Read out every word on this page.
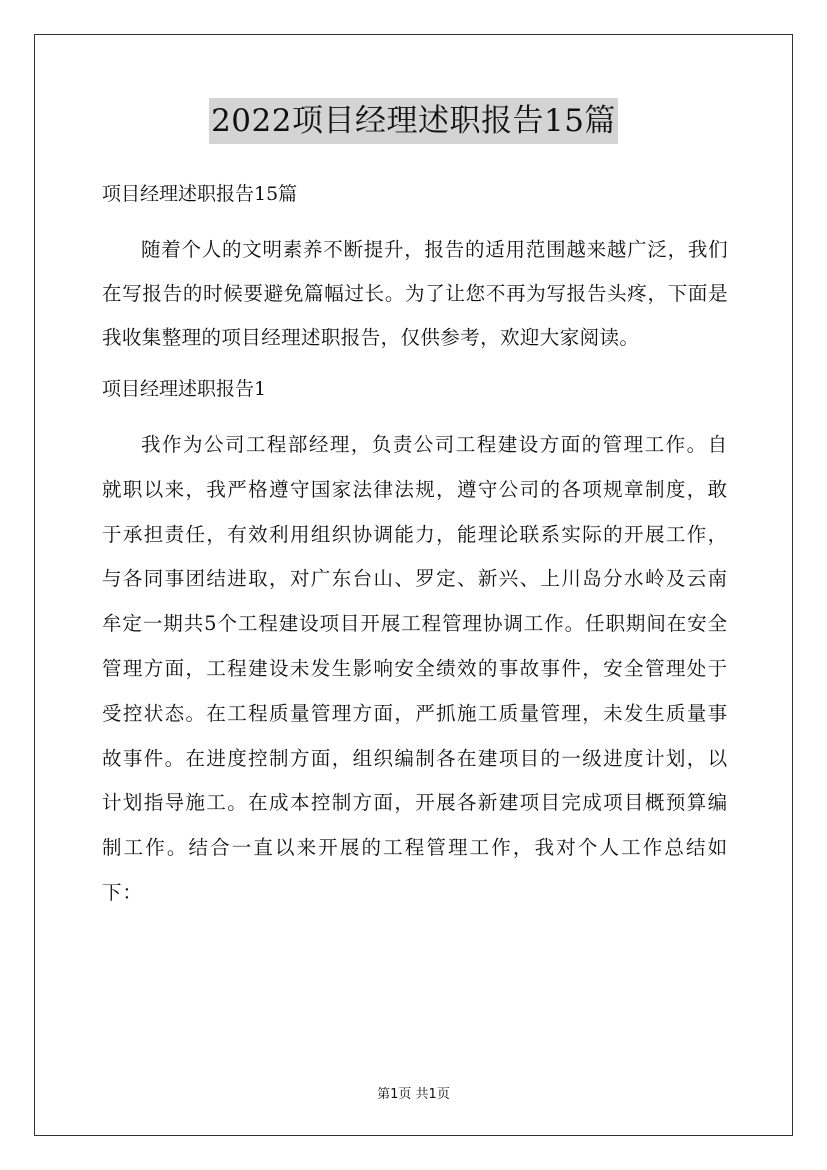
2022项目经理述职报告15篇
项目经理述职报告15篇
随着个人的文明素养不断提升，报告的适用范围越来越广泛，我们在写报告的时候要避免篇幅过长。为了让您不再为写报告头疼，下面是我收集整理的项目经理述职报告，仅供参考，欢迎大家阅读。
项目经理述职报告1
我作为公司工程部经理，负责公司工程建设方面的管理工作。自就职以来，我严格遵守国家法律法规，遵守公司的各项规章制度，敢于承担责任，有效利用组织协调能力，能理论联系实际的开展工作，与各同事团结进取，对广东台山、罗定、新兴、上川岛分水岭及云南牟定一期共5个工程建设项目开展工程管理协调工作。任职期间在安全管理方面，工程建设未发生影响安全绩效的事故事件，安全管理处于受控状态。在工程质量管理方面，严抓施工质量管理，未发生质量事故事件。在进度控制方面，组织编制各在建项目的一级进度计划，以计划指导施工。在成本控制方面，开展各新建项目完成项目概预算编制工作。结合一直以来开展的工程管理工作，我对个人工作总结如下：
第1页 共1页
